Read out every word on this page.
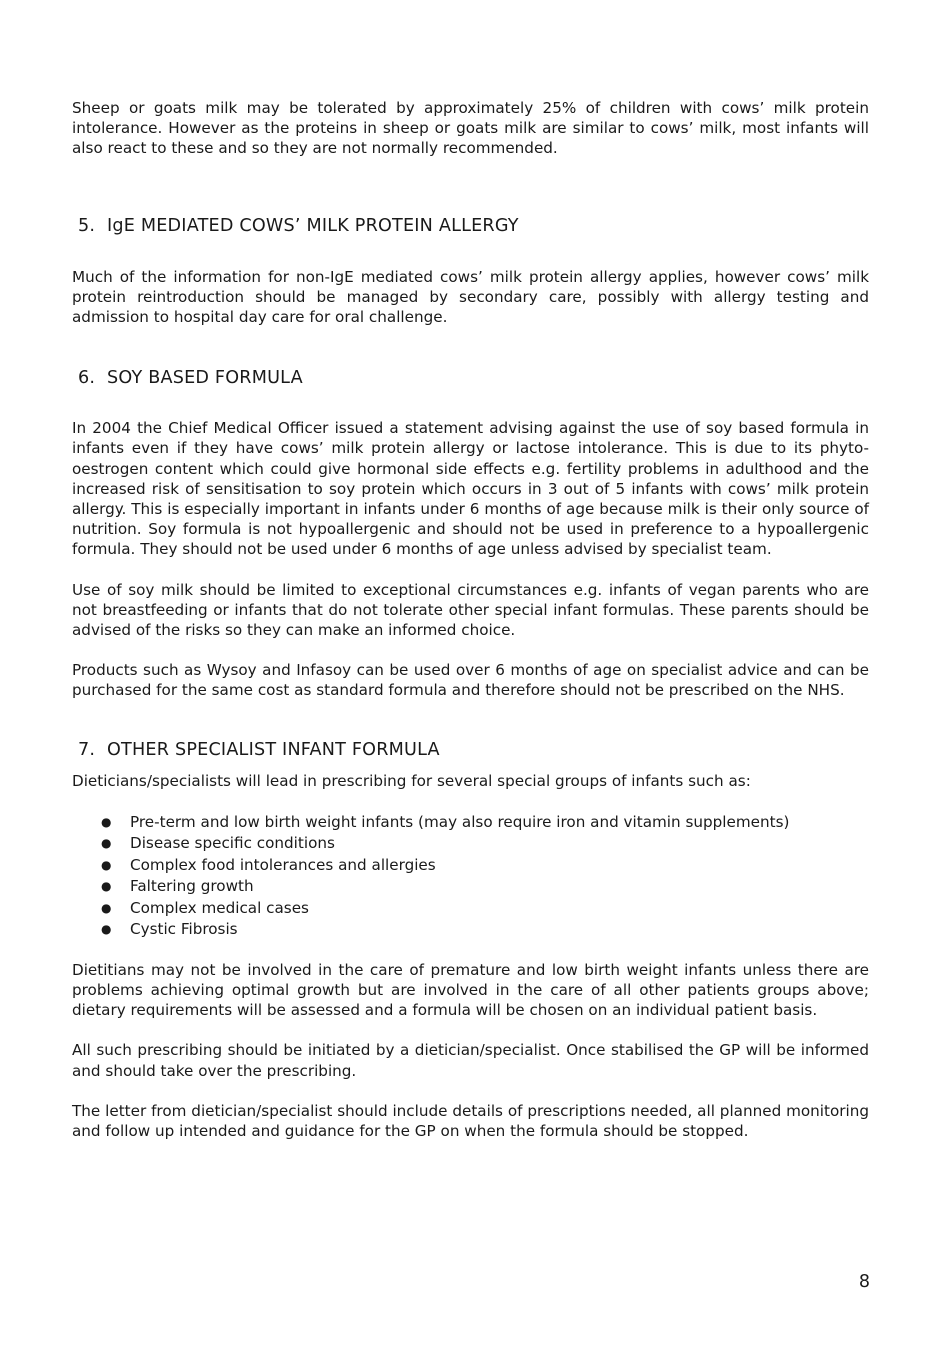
Sheep or goats milk may be tolerated by approximately 25% of children with cows’ milk protein intolerance. However as the proteins in sheep or goats milk are similar to cows’ milk, most infants will also react to these and so they are not normally recommended.

5. IgE MEDIATED COWS’ MILK PROTEIN ALLERGY

Much of the information for non-IgE mediated cows’ milk protein allergy applies, however cows’ milk protein reintroduction should be managed by secondary care, possibly with allergy testing and admission to hospital day care for oral challenge.

6. SOY BASED FORMULA

In 2004 the Chief Medical Officer issued a statement advising against the use of soy based formula in infants even if they have cows’ milk protein allergy or lactose intolerance. This is due to its phyto-oestrogen content which could give hormonal side effects e.g. fertility problems in adulthood and the increased risk of sensitisation to soy protein which occurs in 3 out of 5 infants with cows’ milk protein allergy. This is especially important in infants under 6 months of age because milk is their only source of nutrition. Soy formula is not hypoallergenic and should not be used in preference to a hypoallergenic formula. They should not be used under 6 months of age unless advised by specialist team.

Use of soy milk should be limited to exceptional circumstances e.g. infants of vegan parents who are not breastfeeding or infants that do not tolerate other special infant formulas. These parents should be advised of the risks so they can make an informed choice.

Products such as Wysoy and Infasoy can be used over 6 months of age on specialist advice and can be purchased for the same cost as standard formula and therefore should not be prescribed on the NHS.

7. OTHER SPECIALIST INFANT FORMULA

Dieticians/specialists will lead in prescribing for several special groups of infants such as:

● Pre-term and low birth weight infants (may also require iron and vitamin supplements)
● Disease specific conditions
● Complex food intolerances and allergies
● Faltering growth
● Complex medical cases
● Cystic Fibrosis

Dietitians may not be involved in the care of premature and low birth weight infants unless there are problems achieving optimal growth but are involved in the care of all other patients groups above; dietary requirements will be assessed and a formula will be chosen on an individual patient basis.

All such prescribing should be initiated by a dietician/specialist. Once stabilised the GP will be informed and should take over the prescribing.

The letter from dietician/specialist should include details of prescriptions needed, all planned monitoring and follow up intended and guidance for the GP on when the formula should be stopped.

8
